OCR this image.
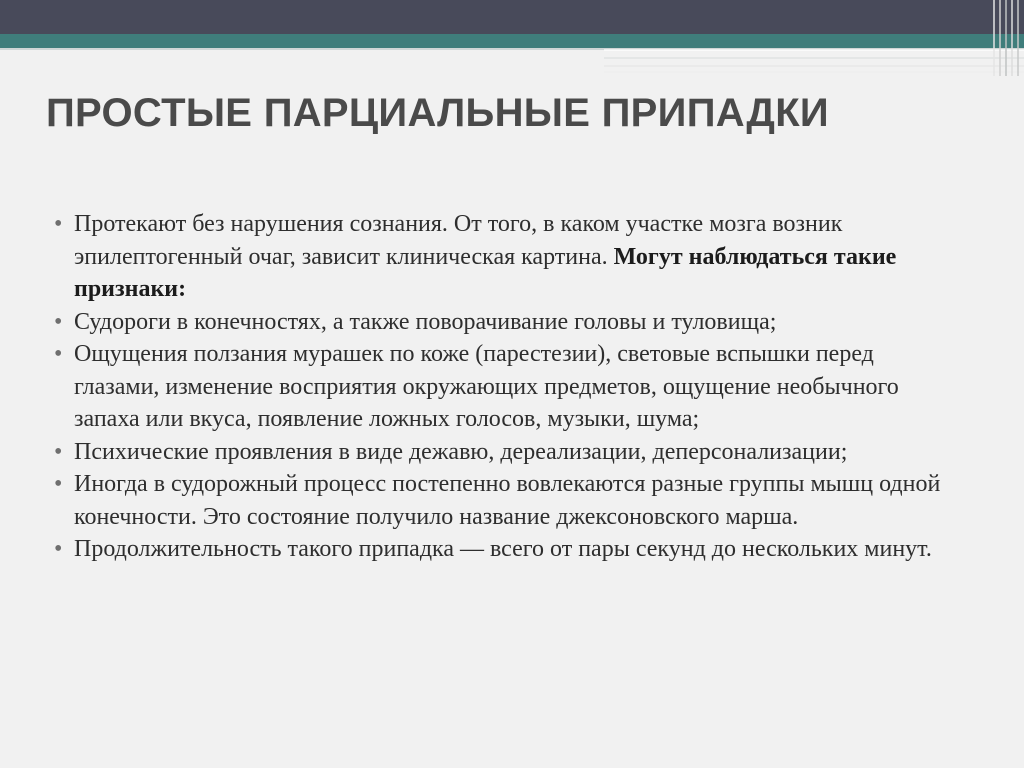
ПРОСТЫЕ ПАРЦИАЛЬНЫЕ ПРИПАДКИ
• Протекают без нарушения сознания. От того, в каком участке мозга возник эпилептогенный очаг, зависит клиническая картина. Могут наблюдаться такие признаки:
• Судороги в конечностях, а также поворачивание головы и туловища;
• Ощущения ползания мурашек по коже (парестезии), световые вспышки перед глазами, изменение восприятия окружающих предметов, ощущение необычного запаха или вкуса, появление ложных голосов, музыки, шума;
• Психические проявления в виде дежавю, дереализации, деперсонализации;
• Иногда в судорожный процесс постепенно вовлекаются разные группы мышц одной конечности. Это состояние получило название джексоновского марша.
• Продолжительность такого припадка — всего от пары секунд до нескольких минут.
